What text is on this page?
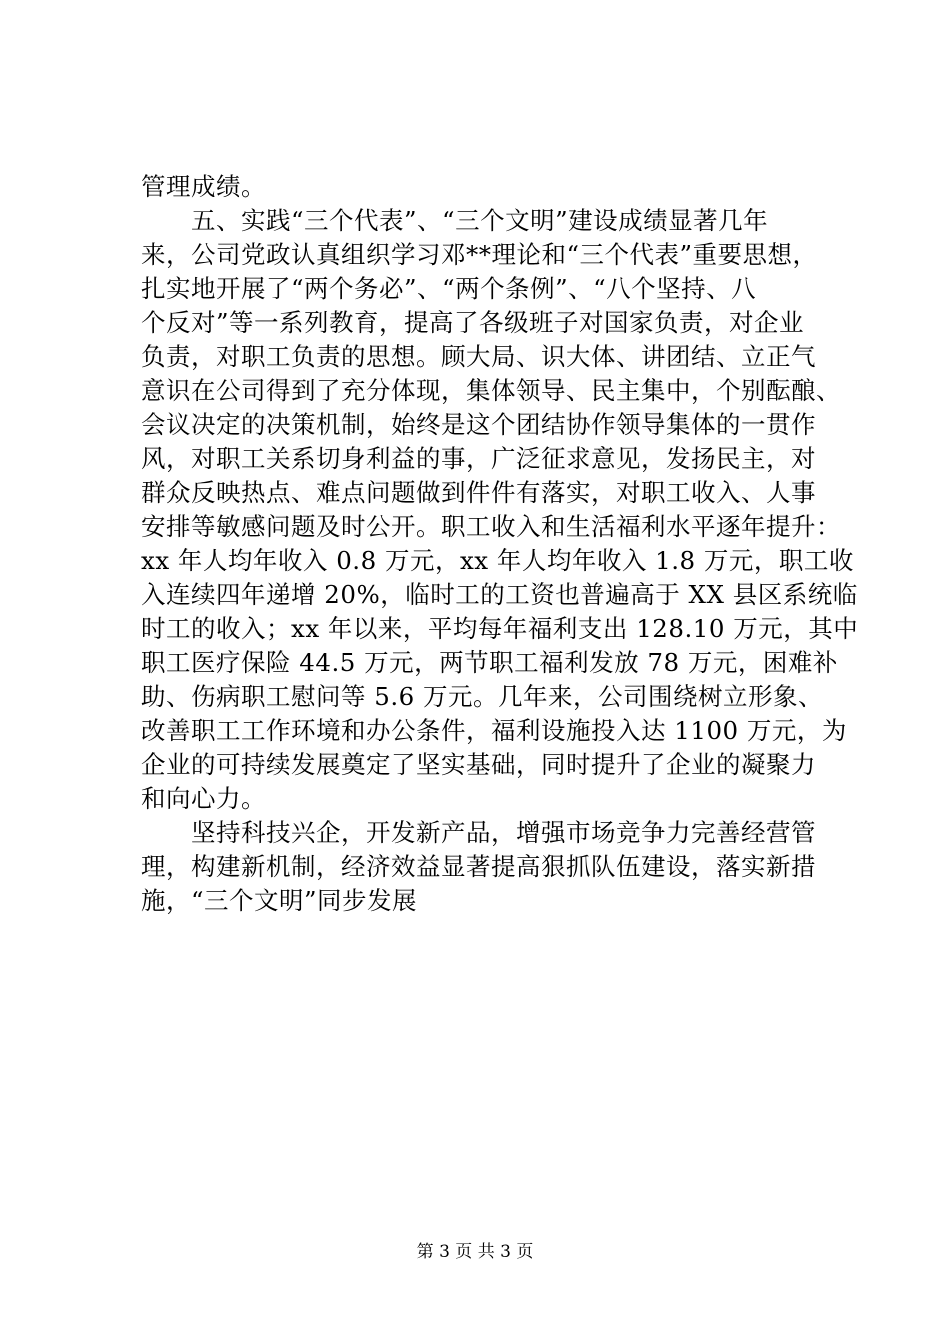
管理成绩。
　　五、实践“三个代表”、“三个文明”建设成绩显著几年
来，公司党政认真组织学习邓**理论和“三个代表”重要思想，
扎实地开展了“两个务必”、“两个条例”、“八个坚持、八
个反对”等一系列教育，提高了各级班子对国家负责，对企业
负责，对职工负责的思想。顾大局、识大体、讲团结、立正气
意识在公司得到了充分体现，集体领导、民主集中，个别酝酿、
会议决定的决策机制，始终是这个团结协作领导集体的一贯作
风，对职工关系切身利益的事，广泛征求意见，发扬民主，对
群众反映热点、难点问题做到件件有落实，对职工收入、人事
安排等敏感问题及时公开。职工收入和生活福利水平逐年提升：
xx 年人均年收入 0.8 万元，xx 年人均年收入 1.8 万元，职工收
入连续四年递增 20%，临时工的工资也普遍高于 XX 县区系统临
时工的收入；xx 年以来，平均每年福利支出 128.10 万元，其中
职工医疗保险 44.5 万元，两节职工福利发放 78 万元，困难补
助、伤病职工慰问等 5.6 万元。几年来，公司围绕树立形象、
改善职工工作环境和办公条件，福利设施投入达 1100 万元，为
企业的可持续发展奠定了坚实基础，同时提升了企业的凝聚力
和向心力。
　　坚持科技兴企，开发新产品，增强市场竞争力完善经营管
理，构建新机制，经济效益显著提高狠抓队伍建设，落实新措
施，“三个文明”同步发展
第 3 页 共 3 页
